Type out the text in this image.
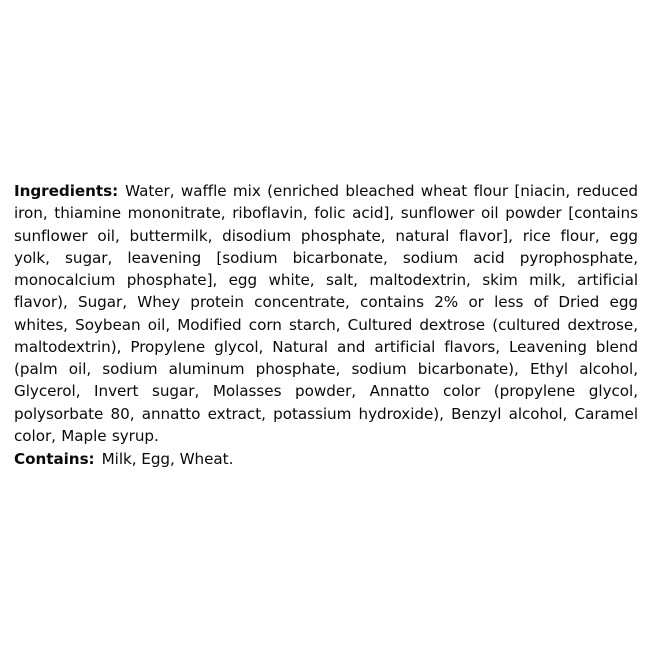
Ingredients: Water, waffle mix (enriched bleached wheat flour [niacin, reduced iron, thiamine mononitrate, riboflavin, folic acid], sunflower oil powder [contains sunflower oil, buttermilk, disodium phosphate, natural flavor], rice flour, egg yolk, sugar, leavening [sodium bicarbonate, sodium acid pyrophosphate, monocalcium phosphate], egg white, salt, maltodextrin, skim milk, artificial flavor), Sugar, Whey protein concentrate, contains 2% or less of Dried egg whites, Soybean oil, Modified corn starch, Cultured dextrose (cultured dextrose, maltodextrin), Propylene glycol, Natural and artificial flavors, Leavening blend (palm oil, sodium aluminum phosphate, sodium bicarbonate), Ethyl alcohol, Glycerol, Invert sugar, Molasses powder, Annatto color (propylene glycol, polysorbate 80, annatto extract, potassium hydroxide), Benzyl alcohol, Caramel color, Maple syrup.

Contains: Milk, Egg, Wheat.
